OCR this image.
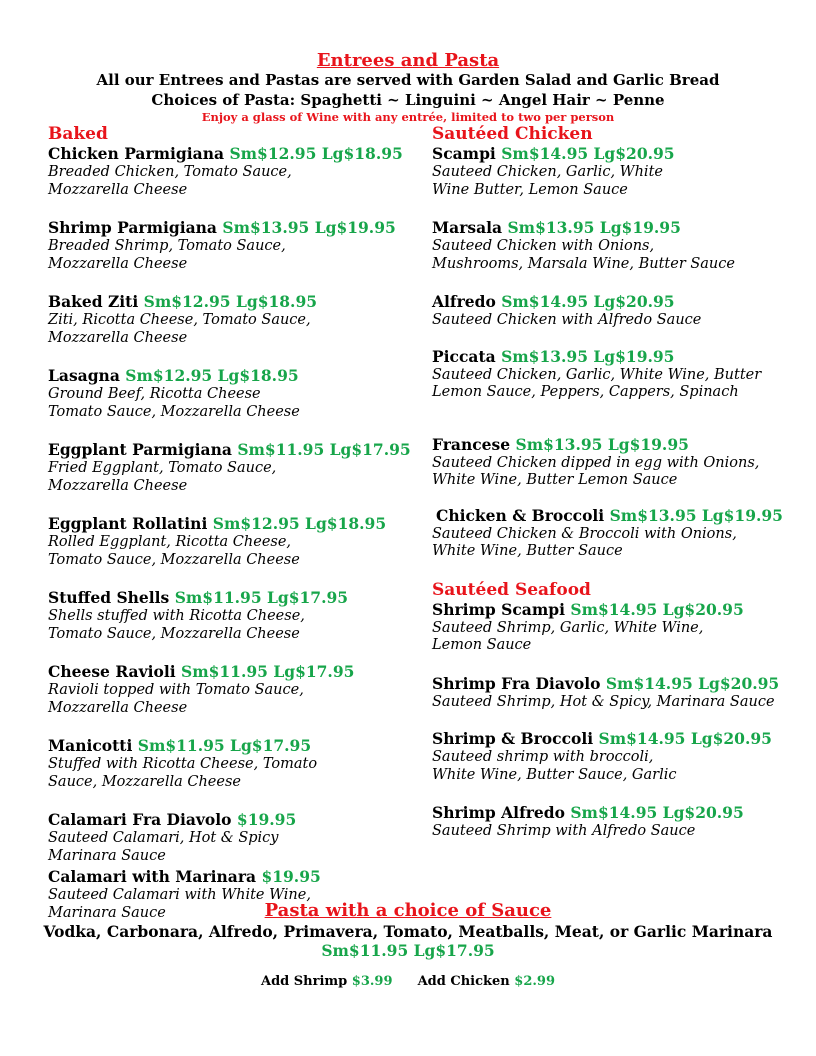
Entrees and Pasta
All our Entrees and Pastas are served with Garden Salad and Garlic Bread
Choices of Pasta: Spaghetti ~ Linguini ~ Angel Hair ~ Penne
Enjoy a glass of Wine with any entrée, limited to two per person
Baked
Chicken Parmigiana Sm$12.95 Lg$18.95
Breaded Chicken, Tomato Sauce,
Mozzarella Cheese
Shrimp Parmigiana Sm$13.95 Lg$19.95
Breaded Shrimp, Tomato Sauce,
Mozzarella Cheese
Baked Ziti Sm$12.95 Lg$18.95
Ziti, Ricotta Cheese, Tomato Sauce,
Mozzarella Cheese
Lasagna Sm$12.95 Lg$18.95
Ground Beef, Ricotta Cheese
Tomato Sauce, Mozzarella Cheese
Eggplant Parmigiana Sm$11.95 Lg$17.95
Fried Eggplant, Tomato Sauce,
Mozzarella Cheese
Eggplant Rollatini Sm$12.95 Lg$18.95
Rolled Eggplant, Ricotta Cheese,
Tomato Sauce, Mozzarella Cheese
Stuffed Shells Sm$11.95 Lg$17.95
Shells stuffed with Ricotta Cheese,
Tomato Sauce, Mozzarella Cheese
Cheese Ravioli Sm$11.95 Lg$17.95
Ravioli topped with Tomato Sauce,
Mozzarella Cheese
Manicotti Sm$11.95 Lg$17.95
Stuffed with Ricotta Cheese, Tomato
Sauce, Mozzarella Cheese
Calamari Fra Diavolo $19.95
Sauteed Calamari, Hot & Spicy
Marinara Sauce
Calamari with Marinara $19.95
Sauteed Calamari with White Wine,
Marinara Sauce
Sautéed Chicken
Scampi Sm$14.95 Lg$20.95
Sauteed Chicken, Garlic, White
Wine Butter, Lemon Sauce
Marsala Sm$13.95 Lg$19.95
Sauteed Chicken with Onions,
Mushrooms, Marsala Wine, Butter Sauce
Alfredo Sm$14.95 Lg$20.95
Sauteed Chicken with Alfredo Sauce
Piccata Sm$13.95 Lg$19.95
Sauteed Chicken, Garlic, White Wine, Butter
Lemon Sauce, Peppers, Cappers, Spinach
Francese Sm$13.95 Lg$19.95
Sauteed Chicken dipped in egg with Onions,
White Wine, Butter Lemon Sauce
Chicken & Broccoli Sm$13.95 Lg$19.95
Sauteed Chicken & Broccoli with Onions,
White Wine, Butter Sauce
Sautéed Seafood
Shrimp Scampi Sm$14.95 Lg$20.95
Sauteed Shrimp, Garlic, White Wine,
Lemon Sauce
Shrimp Fra Diavolo Sm$14.95 Lg$20.95
Sauteed Shrimp, Hot & Spicy, Marinara Sauce
Shrimp & Broccoli Sm$14.95 Lg$20.95
Sauteed shrimp with broccoli,
White Wine, Butter Sauce, Garlic
Shrimp Alfredo Sm$14.95 Lg$20.95
Sauteed Shrimp with Alfredo Sauce
Pasta with a choice of Sauce
Vodka, Carbonara, Alfredo, Primavera, Tomato, Meatballs, Meat, or Garlic Marinara
Sm$11.95 Lg$17.95
Add Shrimp $3.99 Add Chicken $2.99
